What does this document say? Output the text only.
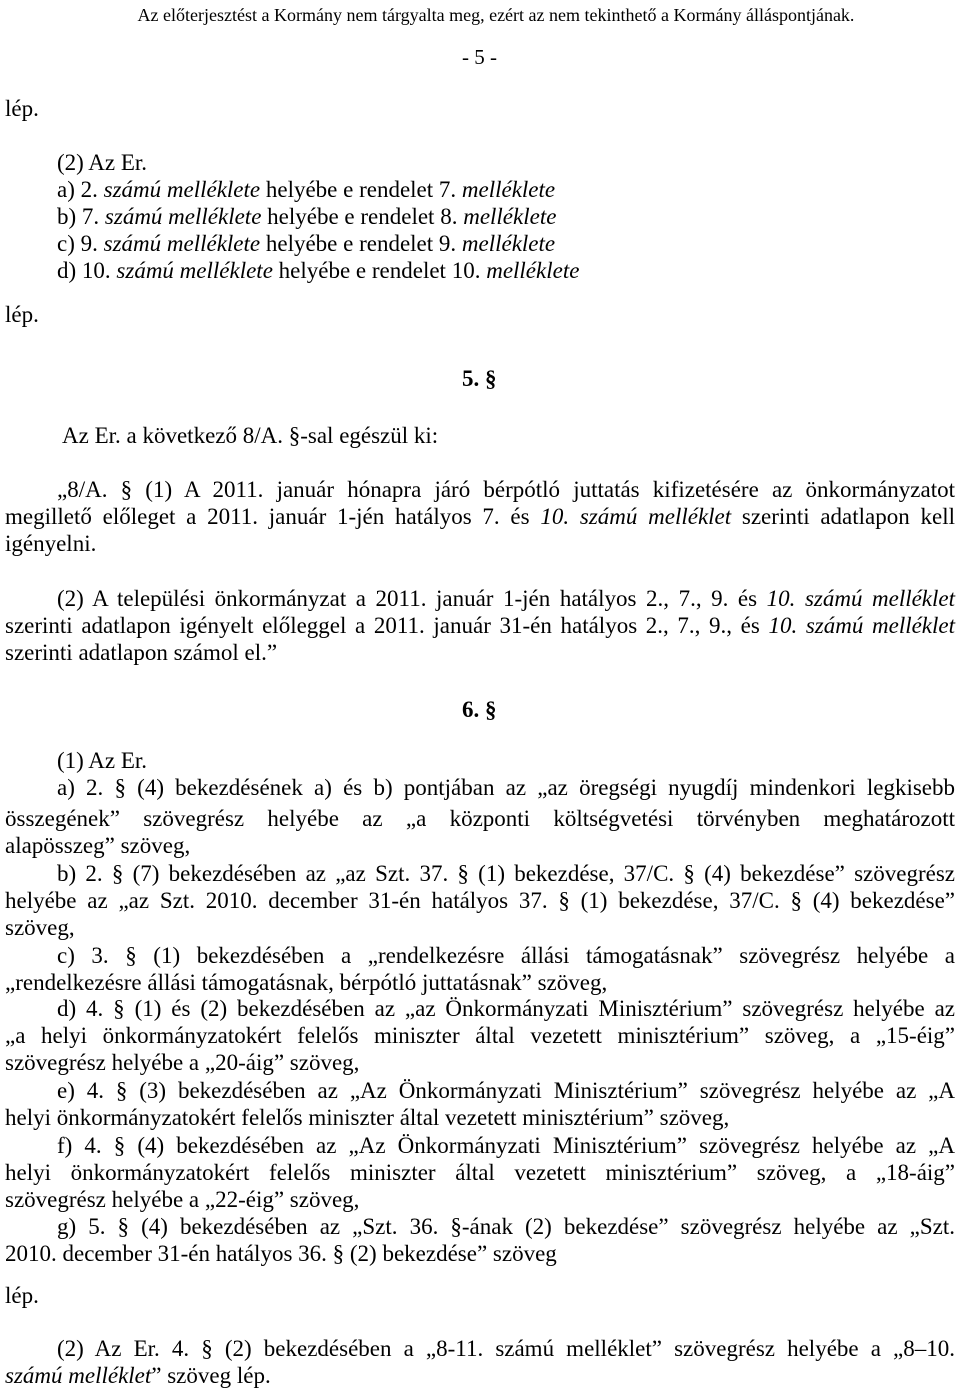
Az előterjesztést a Kormány nem tárgyalta meg, ezért az nem tekinthető a Kormány álláspontjának.
- 5 -
lép.
(2) Az Er.
a) 2. számú melléklete helyébe e rendelet 7. melléklete
b) 7. számú melléklete helyébe e rendelet 8. melléklete
c) 9. számú melléklete helyébe e rendelet 9. melléklete
d) 10. számú melléklete helyébe e rendelet 10. melléklete
lép.
5. §
Az Er. a következő 8/A. §-sal egészül ki:
„8/A. § (1) A 2011. január hónapra járó bérpótló juttatás kifizetésére az önkormányzatot
megillető előleget a 2011. január 1-jén hatályos 7. és 10. számú melléklet szerinti adatlapon kell
igényelni.
(2) A települési önkormányzat a 2011. január 1-jén hatályos 2., 7., 9. és 10. számú melléklet
szerinti adatlapon igényelt előleggel a 2011. január 31-én hatályos 2., 7., 9., és 10. számú melléklet
szerinti adatlapon számol el.”
6. §
(1) Az Er.
a) 2. § (4) bekezdésének a) és b) pontjában az „az öregségi nyugdíj mindenkori legkisebb
összegének” szövegrész helyébe az „a központi költségvetési törvényben meghatározott
alapösszeg” szöveg,
b) 2. § (7) bekezdésében az „az Szt. 37. § (1) bekezdése, 37/C. § (4) bekezdése” szövegrész
helyébe az „az Szt. 2010. december 31-én hatályos 37. § (1) bekezdése, 37/C. § (4) bekezdése”
szöveg,
c) 3. § (1) bekezdésében a „rendelkezésre állási támogatásnak” szövegrész helyébe a
„rendelkezésre állási támogatásnak, bérpótló juttatásnak” szöveg,
d) 4. § (1) és (2) bekezdésében az „az Önkormányzati Minisztérium” szövegrész helyébe az
„a helyi önkormányzatokért felelős miniszter által vezetett minisztérium” szöveg, a „15-éig”
szövegrész helyébe a „20-áig” szöveg,
e) 4. § (3) bekezdésében az „Az Önkormányzati Minisztérium” szövegrész helyébe az „A
helyi önkormányzatokért felelős miniszter által vezetett minisztérium” szöveg,
f) 4. § (4) bekezdésében az „Az Önkormányzati Minisztérium” szövegrész helyébe az „A
helyi önkormányzatokért felelős miniszter által vezetett minisztérium” szöveg, a „18-áig”
szövegrész helyébe a „22-éig” szöveg,
g) 5. § (4) bekezdésében az „Szt. 36. §-ának (2) bekezdése” szövegrész helyébe az „Szt.
2010. december 31-én hatályos 36. § (2) bekezdése” szöveg
lép.
(2) Az Er. 4. § (2) bekezdésében a „8-11. számú melléklet” szövegrész helyébe a „8–10.
számú melléklet” szöveg lép.
